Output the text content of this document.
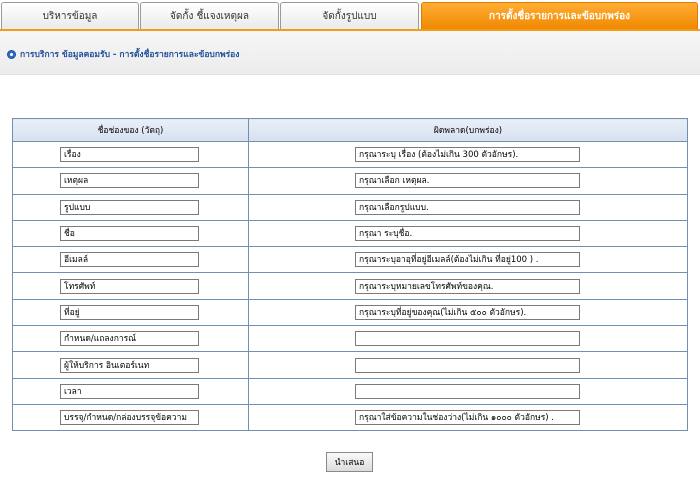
บริหารข้อมูล	จัดกั้ง ชี้แจงเหตุผล	จัดกั้งรูปแบบ	การตั้งชื่อรายการและข้อบกพร่อง
การบริการ ข้อมูลคอมรับ - การตั้งชื่อรายการและข้อบกพร่อง
ชื่อช่องของ (วัตถุ)	ผิดพลาด(บกพร่อง)

เรื่อง	กรุณาระบุ เรื่อง (ต้องไม่เกิน 300 ตัวอักษร).

เหตุผล	กรุณาเลือก เหตุผล.

รูปแบบ	กรุณาเลือกรูปแบบ.

ชื่อ	กรุณา ระบุชื่อ.

อีเมลล์	กรุณาระบุอาอุที่อยู่อีเมลล์(ต้องไม่เกิน ที่อยู่100 ) .

โทรศัพท์	กรุณาระบุหมายเลขโทรศัพท์ของคุณ.

ที่อยู่	กรุณาระบุที่อยู่ของคุณ(ไม่เกิน ๕๐๐ ตัวอักษร).

กำหนด/แถลงการณ์	

ผู้ให้บริการ อินเตอร์เนท	

เวลา	

บรรจุ/กำหนด/กล่องบรรจุข้อความ	กรุณาใส่ข้อความในช่องว่าง(ไม่เกิน ๑๐๐๐ ตัวอักษร) .
นำเสนอ
